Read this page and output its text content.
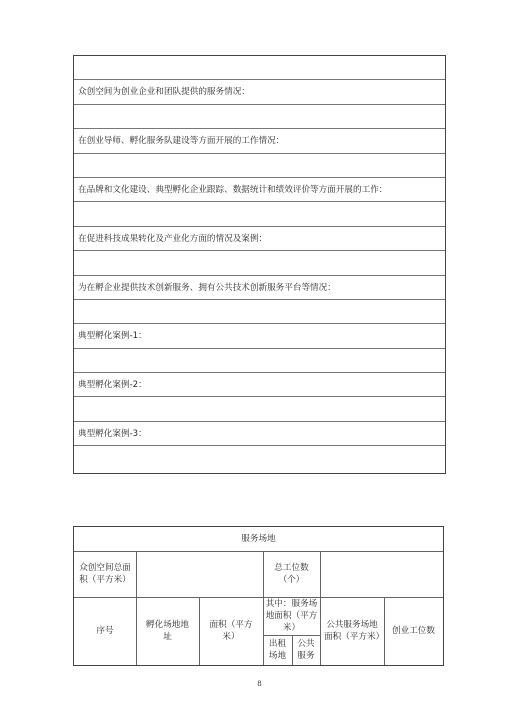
众创空间为创业企业和团队提供的服务情况：
在创业导师、孵化服务队建设等方面开展的工作情况：
在品牌和文化建设、典型孵化企业跟踪、数据统计和绩效评价等方面开展的工作：
在促进科技成果转化及产业化方面的情况及案例：
为在孵企业提供技术创新服务、拥有公共技术创新服务平台等情况：
典型孵化案例-1：
典型孵化案例-2：
典型孵化案例-3：
服务场地
众创空间总面积（平方米）
总工位数（个）
序号
孵化场地地址
面积（平方米）
其中：服务场地面积（平方米）
出租场地
公共服务
公共服务场地面积（平方米）
创业工位数
8
